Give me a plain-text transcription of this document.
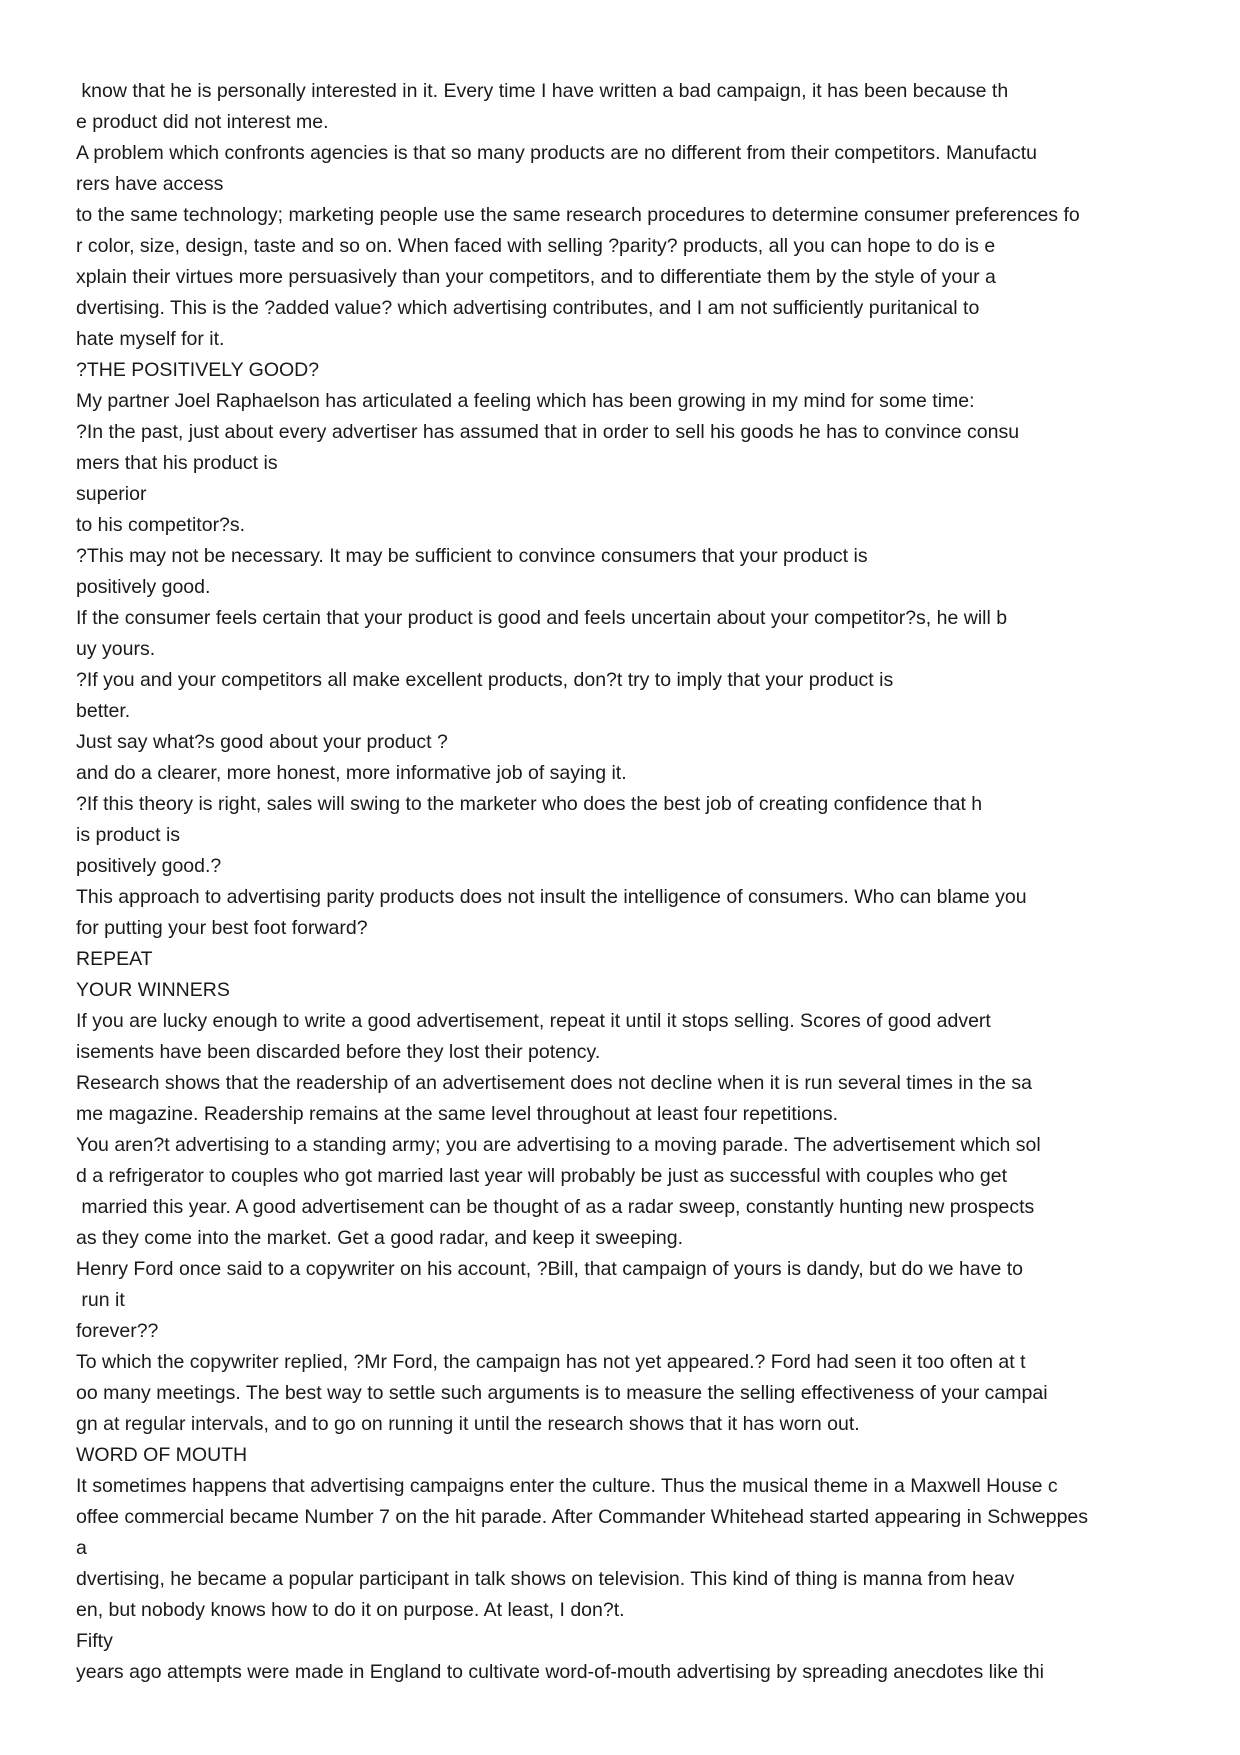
know that he is personally interested in it. Every time I have written a bad campaign, it has been because th
e product did not interest me.
A problem which confronts agencies is that so many products are no different from their competitors. Manufactu
rers have access
to the same technology; marketing people use the same research procedures to determine consumer preferences fo
r color, size, design, taste and so on. When faced with selling ?parity? products, all you can hope to do is e
xplain their virtues more persuasively than your competitors, and to differentiate them by the style of your a
dvertising. This is the ?added value? which advertising contributes, and I am not sufficiently puritanical to
hate myself for it.
?THE POSITIVELY GOOD?
My partner Joel Raphaelson has articulated a feeling which has been growing in my mind for some time:
?In the past, just about every advertiser has assumed that in order to sell his goods he has to convince consu
mers that his product is
superior
to his competitor?s.
?This may not be necessary. It may be sufficient to convince consumers that your product is
positively good.
If the consumer feels certain that your product is good and feels uncertain about your competitor?s, he will b
uy yours.
?If you and your competitors all make excellent products, don?t try to imply that your product is
better.
Just say what?s good about your product ?
and do a clearer, more honest, more informative job of saying it.
?If this theory is right, sales will swing to the marketer who does the best job of creating confidence that h
is product is
positively good.?
This approach to advertising parity products does not insult the intelligence of consumers. Who can blame you
for putting your best foot forward?
REPEAT
YOUR WINNERS
If you are lucky enough to write a good advertisement, repeat it until it stops selling. Scores of good advert
isements have been discarded before they lost their potency.
Research shows that the readership of an advertisement does not decline when it is run several times in the sa
me magazine. Readership remains at the same level throughout at least four repetitions.
You aren?t advertising to a standing army; you are advertising to a moving parade. The advertisement which sol
d a refrigerator to couples who got married last year will probably be just as successful with couples who get
married this year. A good advertisement can be thought of as a radar sweep, constantly hunting new prospects
as they come into the market. Get a good radar, and keep it sweeping.
Henry Ford once said to a copywriter on his account, ?Bill, that campaign of yours is dandy, but do we have to
run it
forever??
To which the copywriter replied, ?Mr Ford, the campaign has not yet appeared.? Ford had seen it too often at t
oo many meetings. The best way to settle such arguments is to measure the selling effectiveness of your campai
gn at regular intervals, and to go on running it until the research shows that it has worn out.
WORD OF MOUTH
It sometimes happens that advertising campaigns enter the culture. Thus the musical theme in a Maxwell House c
offee commercial became Number 7 on the hit parade. After Commander Whitehead started appearing in Schweppes
a
dvertising, he became a popular participant in talk shows on television. This kind of thing is manna from heav
en, but nobody knows how to do it on purpose. At least, I don?t.
Fifty
years ago attempts were made in England to cultivate word-of-mouth advertising by spreading anecdotes like thi
